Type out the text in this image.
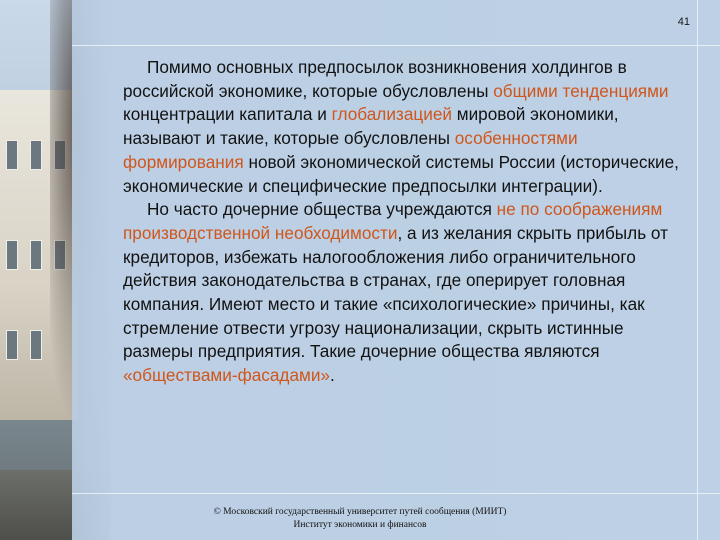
41

Помимо основных предпосылок возникновения холдингов в российской экономике, которые обусловлены общими тенденциями концентрации капитала и глобализацией мировой экономики, называют и такие, которые обусловлены особенностями формирования новой экономической системы России (исторические, экономические и специфические предпосылки интеграции).

Но часто дочерние общества учреждаются не по соображениям производственной необходимости, а из желания скрыть прибыль от кредиторов, избежать налогообложения либо ограничительного действия законодательства в странах, где оперирует головная компания. Имеют место и такие «психологические» причины, как стремление отвести угрозу национализации, скрыть истинные размеры предприятия. Такие дочерние общества являются «обществами-фасадами».

© Московский государственный университет путей сообщения (МИИТ)
Институт экономики и финансов
